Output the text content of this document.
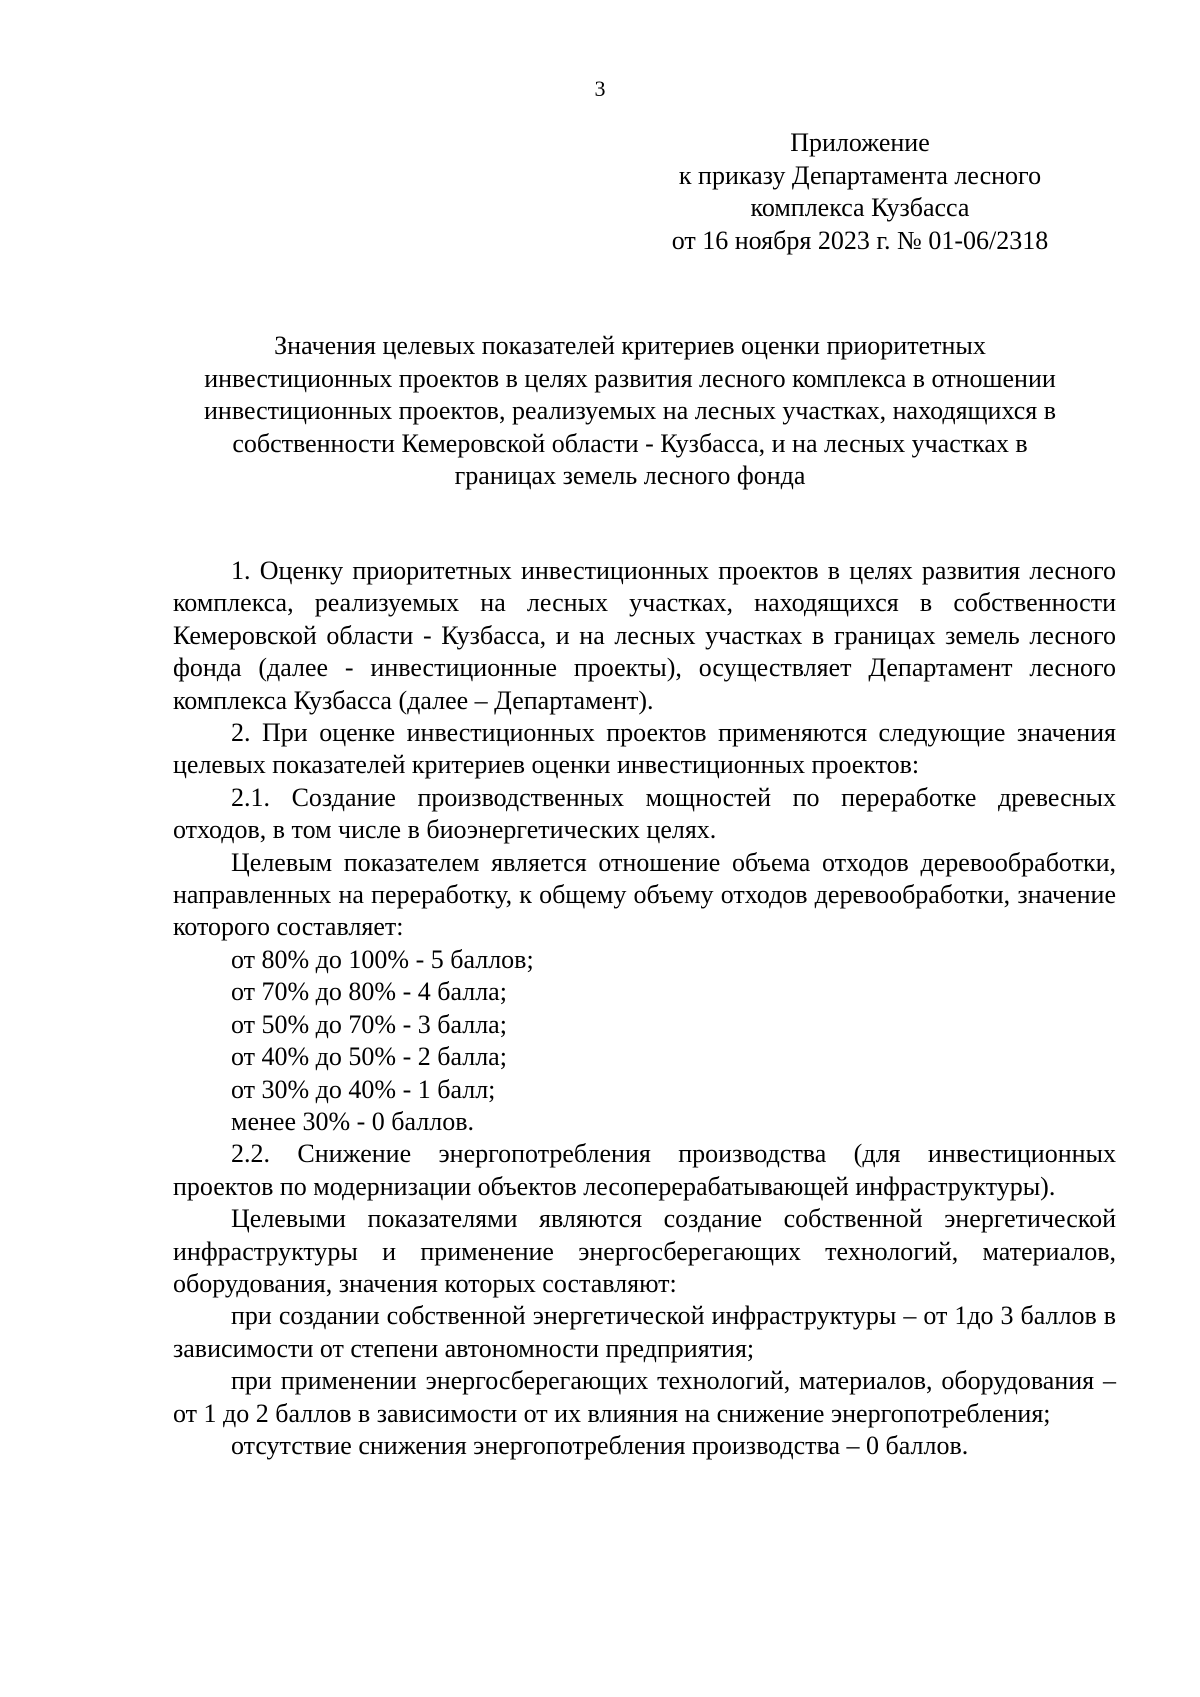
3
Приложение
к приказу Департамента лесного
комплекса Кузбасса
от 16 ноября 2023 г. № 01-06/2318
Значения целевых показателей критериев оценки приоритетных
инвестиционных проектов в целях развития лесного комплекса в отношении
инвестиционных проектов, реализуемых на лесных участках, находящихся в
собственности Кемеровской области - Кузбасса, и на лесных участках в
границах земель лесного фонда

1. Оценку приоритетных инвестиционных проектов в целях развития лесного комплекса, реализуемых на лесных участках, находящихся в собственности Кемеровской области - Кузбасса, и на лесных участках в границах земель лесного фонда (далее - инвестиционные проекты), осуществляет Департамент лесного комплекса Кузбасса (далее – Департамент).

2. При оценке инвестиционных проектов применяются следующие значения целевых показателей критериев оценки инвестиционных проектов:

2.1. Создание производственных мощностей по переработке древесных отходов, в том числе в биоэнергетических целях.

Целевым показателем является отношение объема отходов деревообработки, направленных на переработку, к общему объему отходов деревообработки, значение которого составляет:

от 80% до 100% - 5 баллов;

от 70% до 80% - 4 балла;

от 50% до 70% - 3 балла;

от 40% до 50% - 2 балла;

от 30% до 40% - 1 балл;

менее 30% - 0 баллов.

2.2. Снижение энергопотребления производства (для инвестиционных проектов по модернизации объектов лесоперерабатывающей инфраструктуры).

Целевыми показателями являются создание собственной энергетической инфраструктуры и применение энергосберегающих технологий, материалов, оборудования, значения которых составляют:

при создании собственной энергетической инфраструктуры – от 1до 3 баллов в зависимости от степени автономности предприятия;

при применении энергосберегающих технологий, материалов, оборудования – от 1 до 2 баллов в зависимости от их влияния на снижение энергопотребления;

отсутствие снижения энергопотребления производства – 0 баллов.
